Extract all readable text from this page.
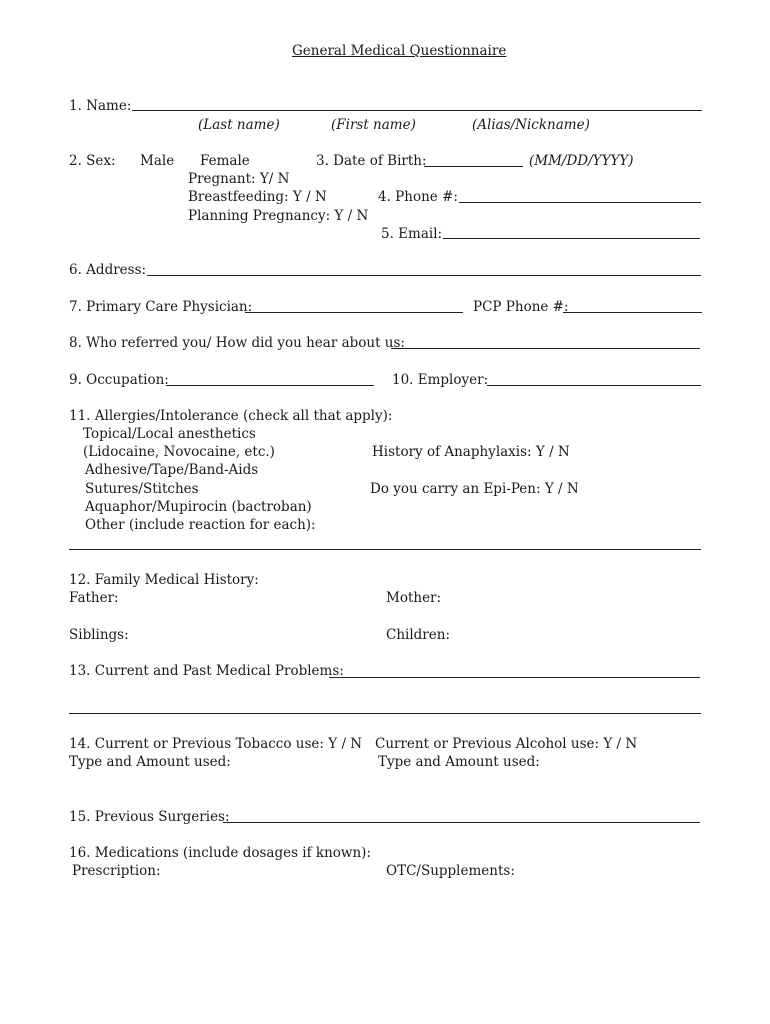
General Medical Questionnaire
1. Name:
(Last name)	(First name)	(Alias/Nickname)
2. Sex: Male Female	3. Date of Birth:	(MM/DD/YYYY)
Pregnant: Y/ N
Breastfeeding: Y / N	4. Phone #:
Planning Pregnancy: Y / N
5. Email:
6. Address:
7. Primary Care Physician:	PCP Phone #:
8. Who referred you/ How did you hear about us:
9. Occupation:	10. Employer:
11. Allergies/Intolerance (check all that apply):
Topical/Local anesthetics
(Lidocaine, Novocaine, etc.)	History of Anaphylaxis: Y / N
Adhesive/Tape/Band-Aids
Sutures/Stitches	Do you carry an Epi-Pen: Y / N
Aquaphor/Mupirocin (bactroban)
Other (include reaction for each):
12. Family Medical History:
Father:	Mother:
Siblings:	Children:
13. Current and Past Medical Problems:
14. Current or Previous Tobacco use: Y / N Current or Previous Alcohol use: Y / N
Type and Amount used:	Type and Amount used:
15. Previous Surgeries:
16. Medications (include dosages if known):
Prescription:	OTC/Supplements:
